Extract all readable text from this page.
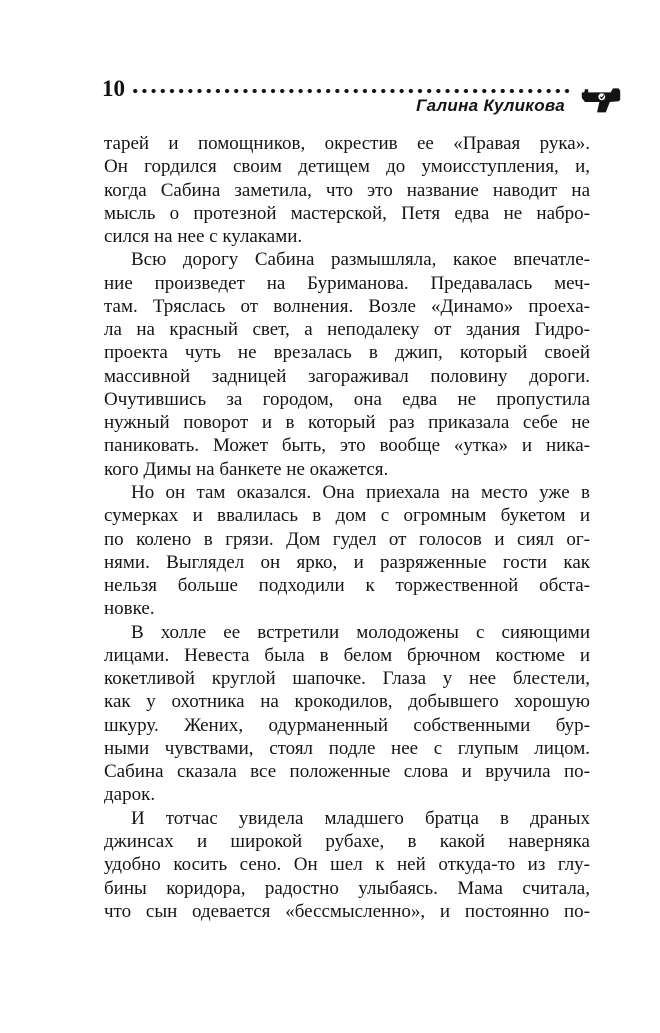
10
Галина Куликова
тарей и помощников, окрестив ее «Правая рука».
Он гордился своим детищем до умоисступления, и,
когда Сабина заметила, что это название наводит на
мысль о протезной мастерской, Петя едва не набро-
сился на нее с кулаками.
Всю дорогу Сабина размышляла, какое впечатле-
ние произведет на Буриманова. Предавалась меч-
там. Тряслась от волнения. Возле «Динамо» проеха-
ла на красный свет, а неподалеку от здания Гидро-
проекта чуть не врезалась в джип, который своей
массивной задницей загораживал половину дороги.
Очутившись за городом, она едва не пропустила
нужный поворот и в который раз приказала себе не
паниковать. Может быть, это вообще «утка» и ника-
кого Димы на банкете не окажется.
Но он там оказался. Она приехала на место уже в
сумерках и ввалилась в дом с огромным букетом и
по колено в грязи. Дом гудел от голосов и сиял ог-
нями. Выглядел он ярко, и разряженные гости как
нельзя больше подходили к торжественной обста-
новке.
В холле ее встретили молодожены с сияющими
лицами. Невеста была в белом брючном костюме и
кокетливой круглой шапочке. Глаза у нее блестели,
как у охотника на крокодилов, добывшего хорошую
шкуру. Жених, одурманенный собственными бур-
ными чувствами, стоял подле нее с глупым лицом.
Сабина сказала все положенные слова и вручила по-
дарок.
И тотчас увидела младшего братца в драных
джинсах и широкой рубахе, в какой наверняка
удобно косить сено. Он шел к ней откуда-то из глу-
бины коридора, радостно улыбаясь. Мама считала,
что сын одевается «бессмысленно», и постоянно по-
